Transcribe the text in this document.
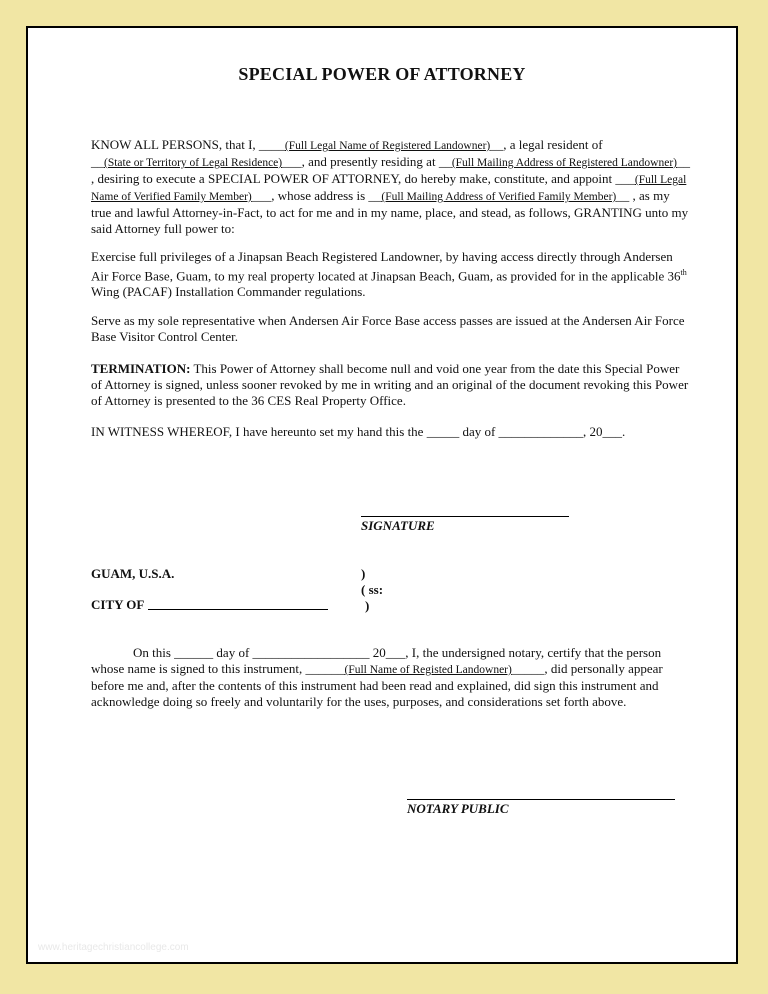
SPECIAL POWER OF ATTORNEY
KNOW ALL PERSONS, that I, ____(Full Legal Name of Registered Landowner)__, a legal resident of
__(State or Territory of Legal Residence)___, and presently residing at __(Full Mailing Address of Registered Landowner)__ , desiring to execute a SPECIAL POWER OF ATTORNEY, do hereby make, constitute, and appoint ___(Full Legal Name of Verified Family Member)___, whose address is __(Full Mailing Address of Verified Family Member)__ , as my true and lawful Attorney-in-Fact, to act for me and in my name, place, and stead, as follows, GRANTING unto my said Attorney full power to:
Exercise full privileges of a Jinapsan Beach Registered Landowner, by having access directly through Andersen Air Force Base, Guam, to my real property located at Jinapsan Beach, Guam, as provided for in the applicable 36th Wing (PACAF) Installation Commander regulations.
Serve as my sole representative when Andersen Air Force Base access passes are issued at the Andersen Air Force Base Visitor Control Center.
TERMINATION: This Power of Attorney shall become null and void one year from the date this Special Power of Attorney is signed, unless sooner revoked by me in writing and an original of the document revoking this Power of Attorney is presented to the 36 CES Real Property Office.
IN WITNESS WHEREOF, I have hereunto set my hand this the _____ day of _____________, 20___.
SIGNATURE
GUAM, U.S.A.
CITY OF
)
( ss:
)
On this ______ day of __________________ 20___, I, the undersigned notary, certify that the person whose name is signed to this instrument, ______(Full Name of Registed Landowner)_____, did personally appear before me and, after the contents of this instrument had been read and explained, did sign this instrument and acknowledge doing so freely and voluntarily for the uses, purposes, and considerations set forth above.
NOTARY PUBLIC
www.heritagechristiancollege.com
